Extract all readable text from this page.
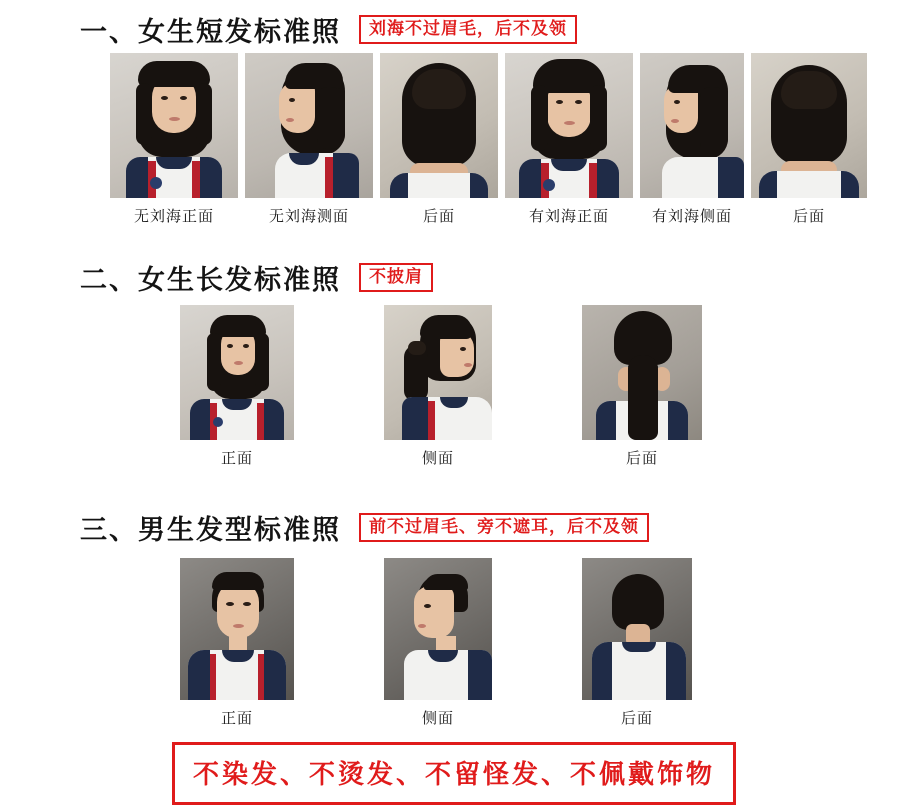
一、女生短发标准照	刘海不过眉毛，后不及领
无刘海正面	无刘海测面	后面	有刘海正面	有刘海侧面	后面
二、女生长发标准照	不披肩
正面	侧面	后面
三、男生发型标准照	前不过眉毛、旁不遮耳，后不及领
正面	侧面	后面
不染发、不烫发、不留怪发、不佩戴饰物
